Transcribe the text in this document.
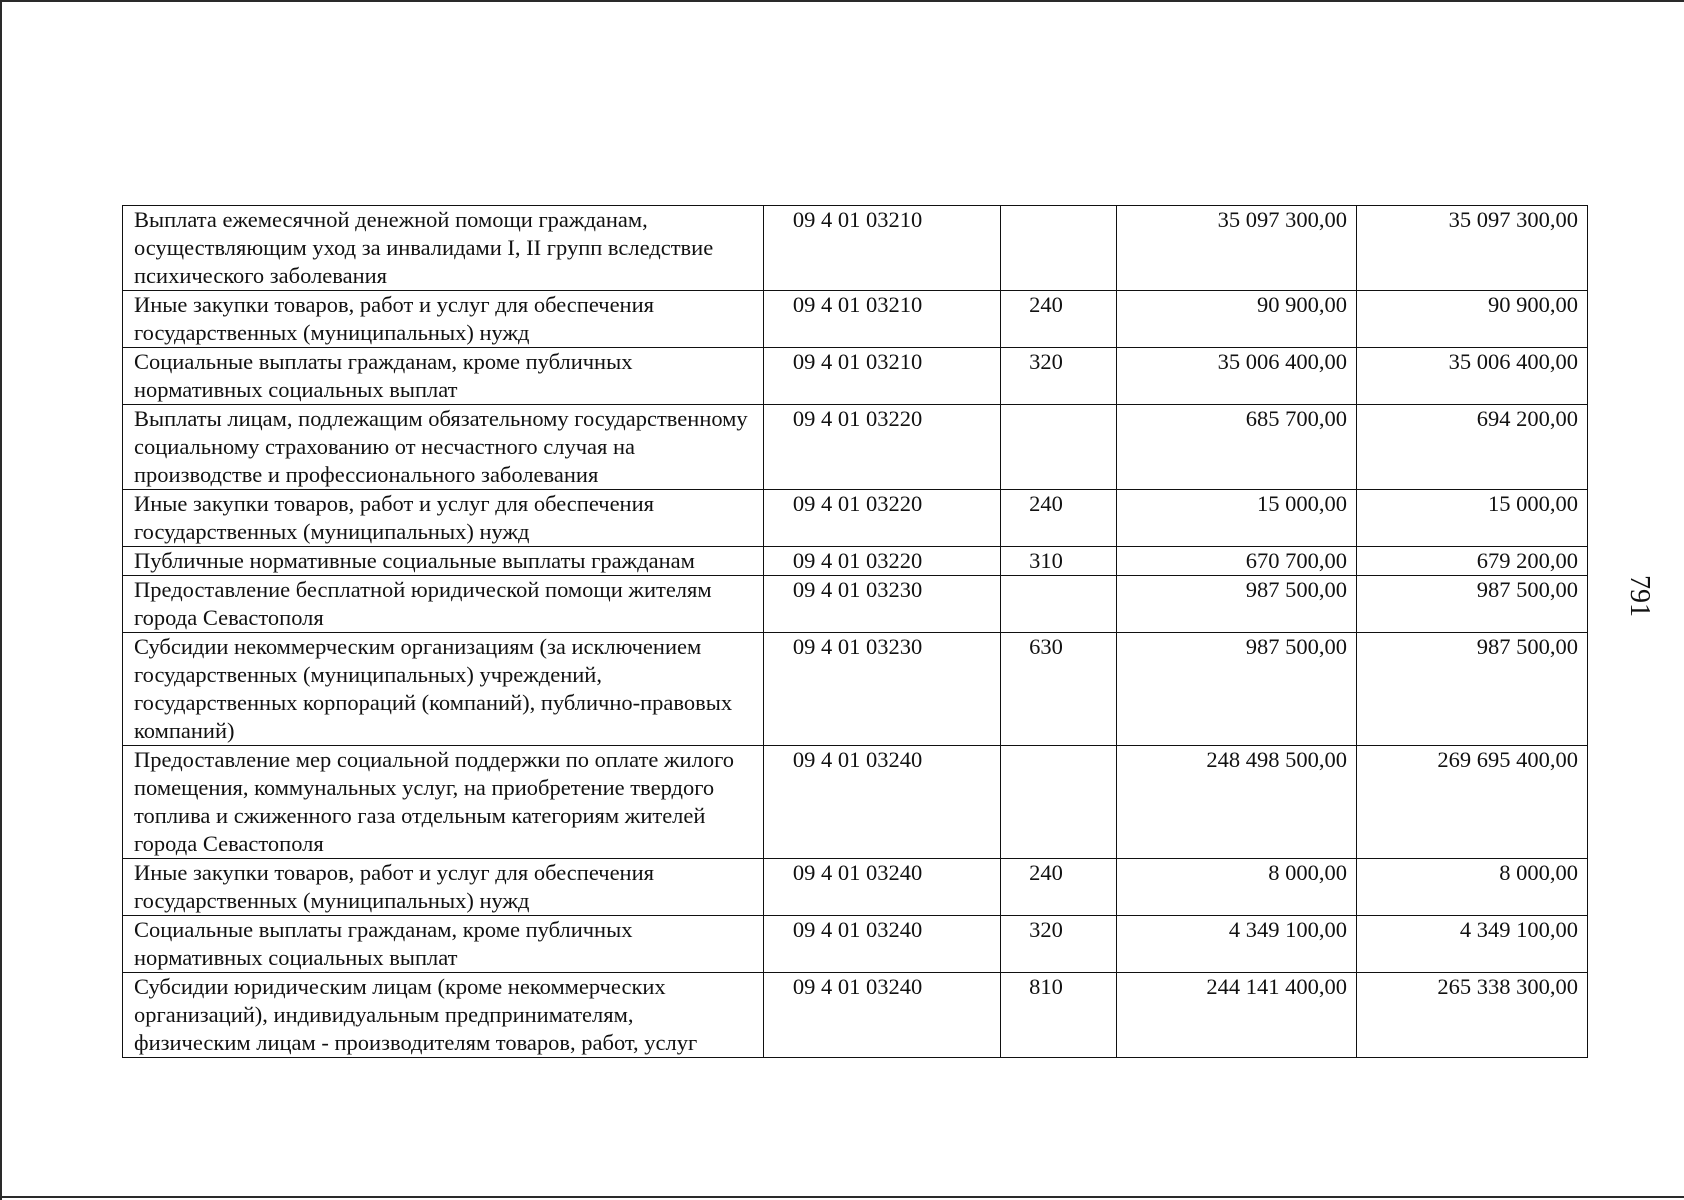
Выплата ежемесячной денежной помощи гражданам, осуществляющим уход за инвалидами I, II групп вследствие психического заболевания	09 4 01 03210		35 097 300,00	35 097 300,00
Иные закупки товаров, работ и услуг для обеспечения государственных (муниципальных) нужд	09 4 01 03210	240	90 900,00	90 900,00
Социальные выплаты гражданам, кроме публичных нормативных социальных выплат	09 4 01 03210	320	35 006 400,00	35 006 400,00
Выплаты лицам, подлежащим обязательному государственному социальному страхованию от несчастного случая на производстве и профессионального заболевания	09 4 01 03220		685 700,00	694 200,00
Иные закупки товаров, работ и услуг для обеспечения государственных (муниципальных) нужд	09 4 01 03220	240	15 000,00	15 000,00
Публичные нормативные социальные выплаты гражданам	09 4 01 03220	310	670 700,00	679 200,00
Предоставление бесплатной юридической помощи жителям города Севастополя	09 4 01 03230		987 500,00	987 500,00
Субсидии некоммерческим организациям (за исключением государственных (муниципальных) учреждений, государственных корпораций (компаний), публично-правовых компаний)	09 4 01 03230	630	987 500,00	987 500,00
Предоставление мер социальной поддержки по оплате жилого помещения, коммунальных услуг, на приобретение твердого топлива и сжиженного газа отдельным категориям жителей города Севастополя	09 4 01 03240		248 498 500,00	269 695 400,00
Иные закупки товаров, работ и услуг для обеспечения государственных (муниципальных) нужд	09 4 01 03240	240	8 000,00	8 000,00
Социальные выплаты гражданам, кроме публичных нормативных социальных выплат	09 4 01 03240	320	4 349 100,00	4 349 100,00
Субсидии юридическим лицам (кроме некоммерческих организаций), индивидуальным предпринимателям, физическим лицам - производителям товаров, работ, услуг	09 4 01 03240	810	244 141 400,00	265 338 300,00
791
